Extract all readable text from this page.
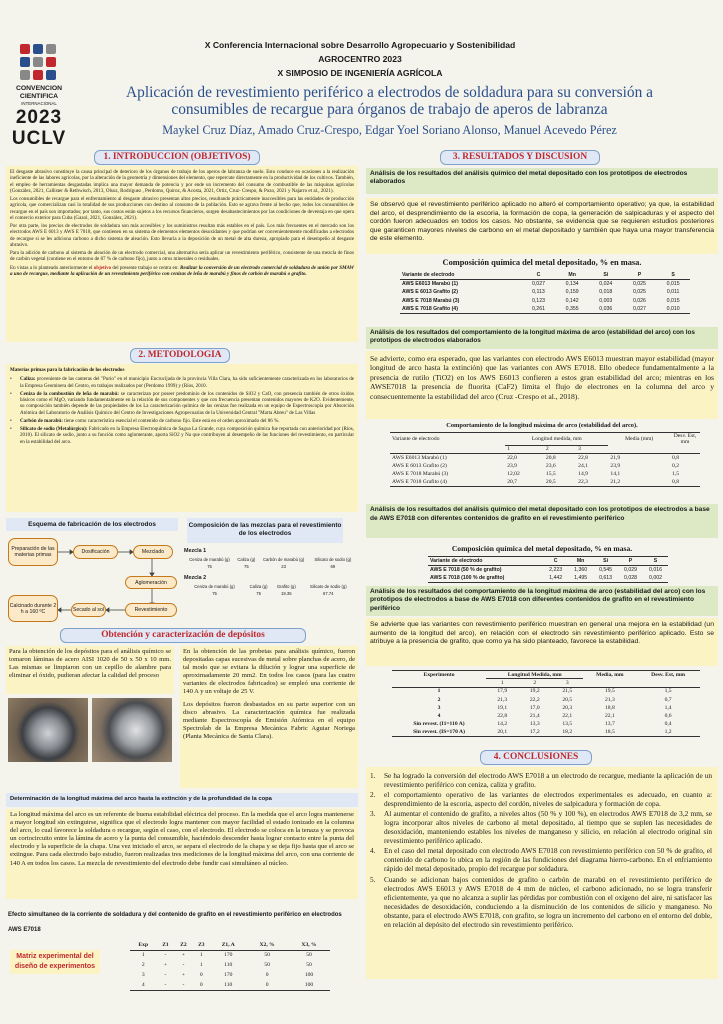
CONVENCION
CIENTIFICA
INTERNACIONAL
2023
UCLV
X Conferencia Internacional sobre Desarrollo Agropecuario y Sostenibilidad
AGROCENTRO 2023
X SIMPOSIO DE INGENIERÍA AGRÍCOLA
Aplicación de revestimiento periférico a electrodos de soldadura para su conversión a consumibles de recargue para órganos de trabajo de aperos de labranza
Maykel Cruz Díaz, Amado Cruz-Crespo, Edgar Yoel Soriano Alonso, Manuel Acevedo Pérez
1. INTRODUCCION (OBJETIVOS)

El desgaste abrasivo constituye la causa principal de deterioro de los órganos de trabajo de los aperos de labranza de suelo. Esto conduce en ocasiones a la realización ineficiente de las labores agrícolas, por la alteración de la geometría y dimensiones del elemento, que repercute directamente en la productividad de los cultivos. También, el empleo de herramientas desgastadas implica una mayor demanda de potencia y por ende un incremento del consumo de combustible de las máquinas agrícolas (González, 2021, Callister & Rethwisch, 2013, Olsoz, Rodríguez , Perdomo, Quiroz, & Acosta, 2021, Ortiz, Cruz- Crespo, & Pozo, 2021 y Najarro et al., 2021).

Los consumibles de recargue para el enfrentamiento al desgaste abrasivo presentan altos precios, resultando prácticamente inaccesibles para las entidades de producción agrícola, que comercializan casi la totalidad de sus producciones con destino al consumo de la población. Esto se agrava frente al hecho que, todos los consumibles de recargue en el país son importados; por tanto, sus costos están sujetos a los recursos financieros, surgen desabastecimientos por las condiciones de deventaja en que opera el comercio exterior para Cuba (Gazol, 2021, González, 2021).

Por otra parte, los precios de electrodos de soldadura son más accesibles y los suministros resultan más estables en el país. Los más frecuentes en el mercado son los electrodos AWS E 6013 y AWS E 7018, que contienen en su sistema de elementos elementos desoxidantes y que podrían ser convenientemente modificados a electrodos de recargue si se les adiciona carbono a dicho sistema de aleación. Esto llevaría a la deposición de un metal de alta dureza, apropiado para el desempeño al desgaste abrasivo.

Para la adición de carbono al sistema de aleación de un electrodo comercial, una alternativa sería aplicar un revestimiento periférico, consistente de una mezcla de finos de carbón vegetal (contiene en el entorno de 87 % de carbono fijo), junto a otros minerales o residuales.

En vistas a lo planteado anteriormente el objetivo del presente trabajo se centra en: Realizar la conversión de un electrodo comercial de soldadura de unión por SMAW a uno de recargue, mediante la aplicación de un revestimiento periférico con cenizas de leña de marabú y finos de carbón de marabú o grafito.

2. METODOLOGIA
Materias primas para la fabricación de los electrodos
•	Caliza: proveniente de las canteras del "Purio" en el municipio Encrucijada de la provincia Villa Clara, ha sido suficientemente caracterizada en los laboratorios de la Empresa Geominera del Centro, en trabajos realizados por (Perdomo 1999) y (Ríos, 2010.
•	Ceniza de la combustión de leña de marabú: se caracterizan por poseer predominio de los contenidos de SiO2 y CaO, con presencia también de otros óxidos básicos como el MgO, variando fundamentalmente en la relación de sus componentes y que con frecuencia presentan contenidos mayores de K2O. Evidentemente, su composición también depende de las propiedades de los La caracterización química de las cenizas fue realizada en un equipo de Espectroscopía por Absorción Atómica del Laboratorio de Análisis Químico del Centro de Investigaciones Agropecuarias de la Universidad Central "Marta Abreu" de Las Villas
•	Carbón de marabú: tiene como característica esencial el contenido de carbono fijo. Este está en el orden aproximado del 86 %.
•	Silicato de sodio (Metalúrgico): Fabricado en la Empresa Electroquímica de Sagua La Grande, cuya composición química fue reportada con anterioridad por (Ríos, 2010). El silicato de sodio, junto a su función como aglomerante, aporta SiO2 y Na que contribuyen al desempeño de las funciones del revestimiento, en particular en la estabilidad del arco.
Esquema de fabricación de los electrodos
Preparación de las materias primas	Dosificación	Mezclado
Aglomeración
Calcinado durante 2 h a 160 ºC	Secado al sol	Revestimiento
Composición de las mezclas para el revestimiento de los electrodos
Mezcla 1
Ceniza de marabú (g)	Caliza (g)	Carbón de marabú (g)	Silicato de sodio (g)
75	75	23	69
Mezcla 2
Ceniza de marabú (g)	Caliza (g)	Grafito (g)	Silicato de sodio (g)
75	75	19.35	67.74
Obtención y caracterización de depósitos
Para la obtención de los depósitos para el análisis químico se tomaron láminas de acero AISI 1020 de 50 x 50 x 10 mm. Las mismas se limpiaron con un cepillo de alambre para eliminar el óxido, pudieran afectar la calidad del proceso

En la obtención de las probetas para análisis químico, fueron depositadas capas sucesivas de metal sobre planchas de acero, de tal modo que se evitara la dilución y lograr una superficie de aproximadamente 20 mm2. En todos los casos (para las cuatro variantes de electrodos fabricados) se empleó una corriente de 140 A y un voltaje de 25 V.

Los depósitos fueron desbastados en su parte superior con un disco abrasivo. La caracterización química fue realizada mediante Espectroscopía de Emisión Atómica en el equipo Spectrolab de la Empresa Mecánica Fabric Aguiar Noriega (Planta Mecánica de Santa Clara).

Determinación de la longitud máxima del arco hasta la extinción y de la profundidad de la copa
La longitud máxima del arco es un referente de buena estabilidad eléctrica del proceso. En la medida que el arco logra mantenerse a mayor longitud sin extinguirse, significa que el electrodo logra mantener con mayor facilidad el estado ionizado en la columna del arco, lo cual favorece la soldadura o recargue, según el caso, con el electrodo. El electrodo se coloca en la tenaza y se provoca un cortocircuito entre la lámina de acero y la punta del consumible, haciéndolo descender hasta lograr contacto entre la punta del electrodo y la superficie de la chapa. Una vez iniciado el arco, se separa el electrodo de la chapa y se deja fijo hasta que el arco se extingue. Para cada electrodo bajo estudio, fueron realizadas tres mediciones de la longitud máxima del arco, con una corriente de 140 A en todos los casos. La mezcla de revestimiento del electrodo debe fundir casi simultáneo al núcleo.
Efecto simultaneo de la corriente de soldadura y del contenido de grafito en el revestimiento periférico en electrodos AWS E7018
Matriz experimental del diseño de experimentos
Exp	Z1	Z2	Z3	Z1, A	X2, %	X3, %
1	-	+	1	170	50	50
2	+	-	1	110	50	50
3	-	+	0	170	0	100
4	-	-	0	110	0	100
3. RESULTADOS Y DISCUSION
Análisis de los resultados del análisis químico del metal depositado con los prototipos de electrodos elaborados
Se observó que el revestimiento periférico aplicado no alteró el comportamiento operativo; ya que, la estabilidad del arco, el desprendimiento de la escoria, la formación de copa, la generación de salpicaduras y el aspecto del cordón fueron adecuados en todos los casos. No obstante, se evidencia que se requieren estudios posteriores que garanticen mayores niveles de carbono en el metal depositado y también que haya una mayor transferencia de este elemento.
Composición química del metal depositado, % en masa.
Variante de electrodo	C	Mn	Si	P	S
AWS E6013 Marabú (1)	0,027	0,134	0,024	0,025	0,015
AWS E 6013 Grafito (2)	0,113	0,159	0,018	0,025	0,011
AWS E 7018 Marabú (3)	0,123	0,142	0,003	0,026	0,015
AWS E 7018 Grafito (4)	0,261	0,355	0,036	0,027	0,010
Análisis de los resultados del comportamiento de la longitud máxima de arco (estabilidad del arco) con los prototipos de electrodos elaborados
Se advierte, como era esperado, que las variantes con electrodo AWS E6013 muestran mayor estabilidad (mayor longitud de arco hasta la extinción) que las variantes con AWS E7018. Ello obedece fundamentalmente a la presencia de rutilo (TiO2) en los AWS E6013 confieren a estos gran estabilidad del arco; mientras en los AWSE7018 la presencia de fluorita (CaF2) limita el flujo de electrones en la columna del arco y consecuentemente la estabilidad del arco (Cruz -Crespo et al., 2018).
Comportamiento de la longitud máxima de arco (estabilidad del arco).
Variante de electrodo	Longitud medida, mm			Media (mm)	Desv. Est, mm
	1	2	3		
AWS E6013 Marabú (1)	22,0	20,8	22,8	21,9	0,8
AWS E 6013 Grafito (2)	23,9	23,6	24,1	23,9	0,2
AWS E 7018 Marabú (3)	12,02	15,5	14,9	14,1	1,5
AWS E 7018 Grafito (4)	20,7	20,5	22,3	21,2	0,8
Análisis de los resultados del análisis químico del metal depositado con los prototipos de electrodos a base de AWS E7018 con diferentes contenidos de grafito en el revestimiento periférico
Composición química del metal depositado, % en masa.
Variante de electrodo	C	Mn	Si	P	S
AWS E 7018 (50 % de grafito)	2,223	1,360	0,545	0,029	0,016
AWS E 7018 (100 % de grafito)	1,442	1,495	0,613	0,028	0,002
Análisis de los resultados del comportamiento de la longitud máxima de arco (estabilidad del arco) con los prototipos de electrodos a base de AWS E7018 con diferentes contenidos de grafito en el revestimiento periférico
Se advierte que las variantes con revestimiento periférico muestran en general una mejora en la estabilidad (un aumento de la longitud del arco), en relación con el electrodo sin revestimiento periférico aplicado. Esto se atribuye a la presencia de grafito, que como ya ha sido planteado, favorece la estabilidad.
Experimento	Longitud Medida, mm			Media, mm	Desv. Est, mm
	1	2	3		
1	17,9	19,2	21,5	19,5	1,5
2	21,3	22,2	20,5	21,3	0,7
3	19,1	17,0	20,3	18,8	1,4
4	22,8	21,4	22,1	22,1	0,6
Sin revest. (I1=110 A)	14,2	13,3	13,5	13,7	0,4
Sin revest. (IS=170 A)	20,1	17,2	18,2	18,5	1,2
4. CONCLUSIONES
1.	Se ha logrado la conversión del electrodo AWS E7018 a un electrodo de recargue, mediante la aplicación de un revestimiento periférico con ceniza, caliza y grafito.
2.	el comportamiento operativo de las variantes de electrodos experimentales es adecuado, en cuanto a: desprendimiento de la escoria, aspecto del cordón, niveles de salpicadura y formación de copa.
3.	Al aumentar el contenido de grafito, a niveles altos (50 % y 100 %), en electrodos AWS E7018 de 3,2 mm, se logra incorporar altos niveles de carbono al metal depositado, al tiempo que se suplen las necesidades de desoxidación, manteniendo estables los niveles de manganeso y silicio, en relación al electrodo original sin revestimiento periférico aplicado.
4.	En el caso del metal depositado con electrodo AWS E7018 con revestimiento periférico con 50 % de grafito, el contenido de carbono lo ubica en la región de las fundiciones del diagrama hierro-carbono. En el enfriamiento rápido del metal depositado, propio del recargue por soldadura.
5.	Cuando se adicionan bajos contenidos de grafito o carbón de marabú en el revestimiento periférico de electrodos AWS E6013 y AWS E7018 de 4 mm de núcleo, el carbono adicionado, no se logra transferir eficientemente, ya que no alcanza a suplir las pérdidas por combustión con el oxígeno del aire, ni satisfacer las necesidades de desoxidación, conduciendo a la disminución de los contenidos de silicio y manganeso. No obstante, para el electrodo AWS E7018, con grafito, se logra un incremento del carbono en el entorno del doble, en relación al depósito del electrodo sin revestimiento periférico.
